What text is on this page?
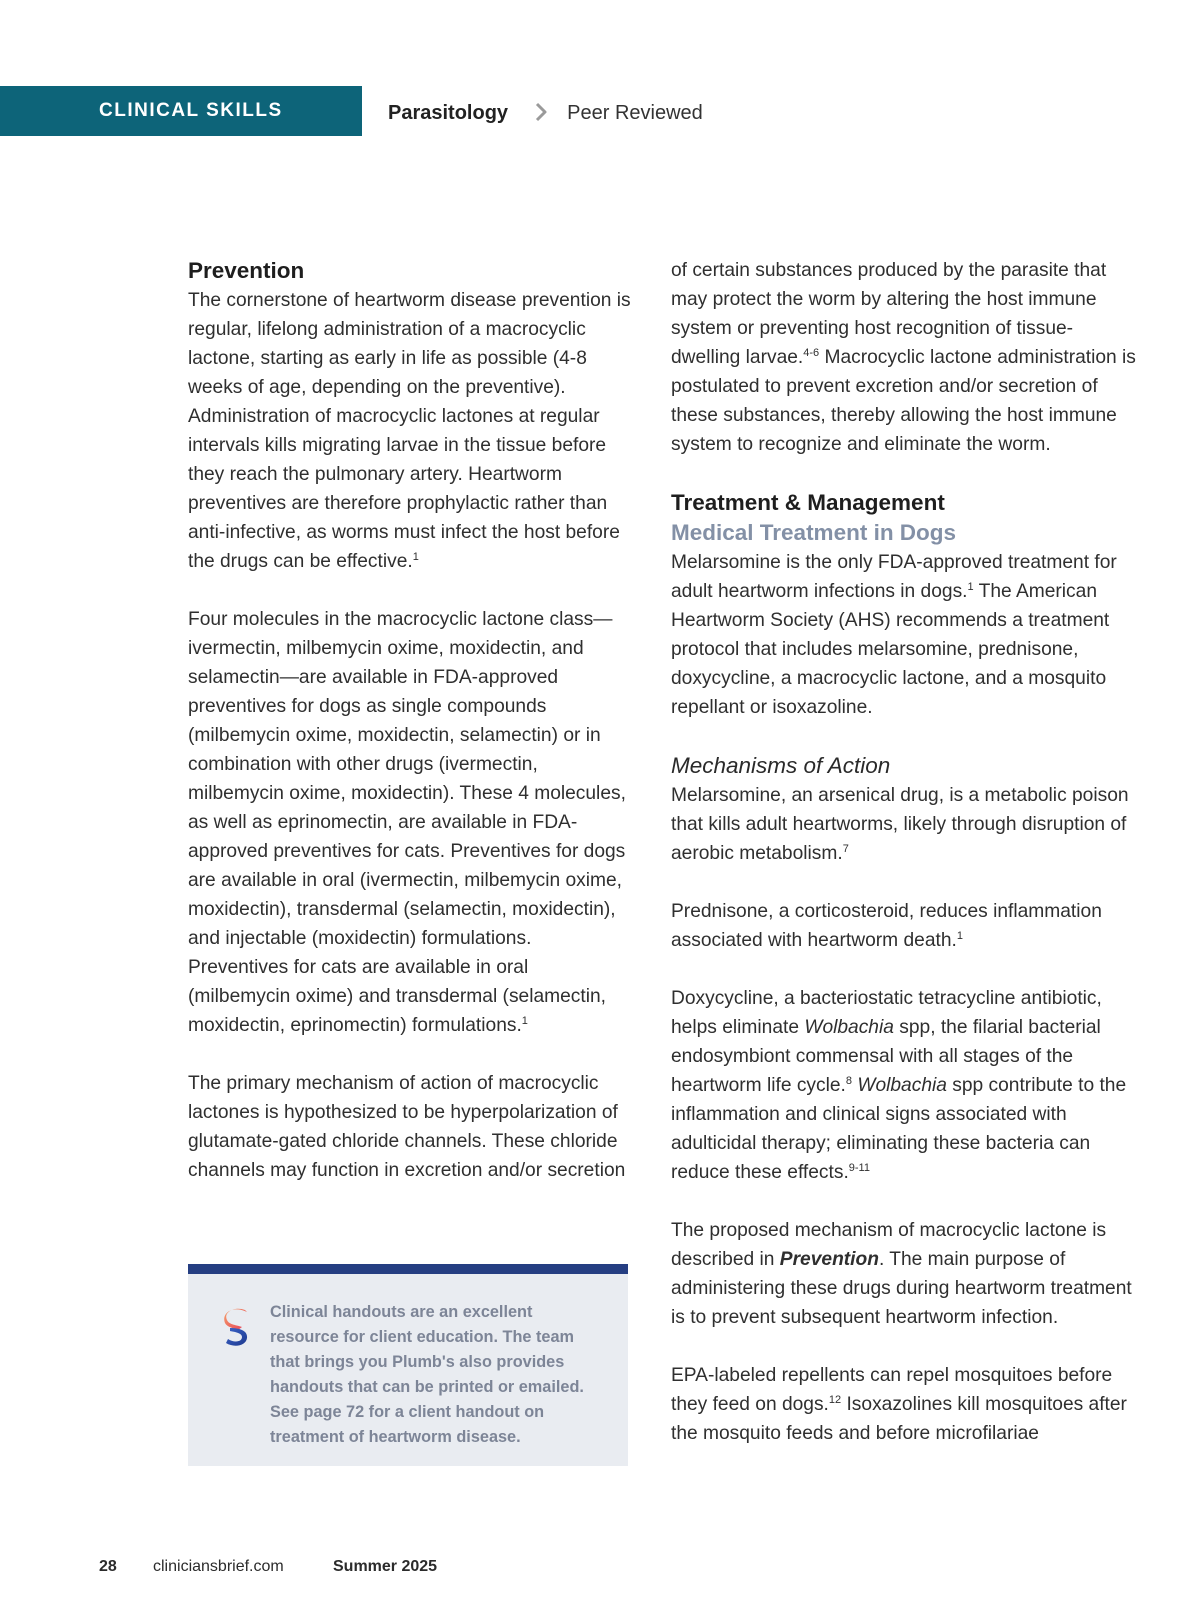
CLINICAL SKILLS	Parasitology	Peer Reviewed
Prevention

The cornerstone of heartworm disease prevention is regular, lifelong administration of a macrocyclic lactone, starting as early in life as possible (4-8 weeks of age, depending on the preventive). Administration of macrocyclic lactones at regular intervals kills migrating larvae in the tissue before they reach the pulmonary artery. Heartworm preventives are therefore prophylactic rather than anti-infective, as worms must infect the host before the drugs can be effective.$^1$

Four molecules in the macrocyclic lactone class—ivermectin, milbemycin oxime, moxidectin, and selamectin—are available in FDA-approved preventives for dogs as single compounds (milbemycin oxime, moxidectin, selamectin) or in combination with other drugs (ivermectin, milbemycin oxime, moxidectin). These 4 molecules, as well as eprinomectin, are available in FDA-approved preventives for cats. Preventives for dogs are available in oral (ivermectin, milbemycin oxime, moxidectin), transdermal (selamectin, moxidectin), and injectable (moxidectin) formulations. Preventives for cats are available in oral (milbemycin oxime) and transdermal (selamectin, moxidectin, eprinomectin) formulations.$^1$

The primary mechanism of action of macrocyclic lactones is hypothesized to be hyperpolarization of glutamate-gated chloride channels. These chloride channels may function in excretion and/or secretion

Clinical handouts are an excellent resource for client education. The team that brings you Plumb's also provides handouts that can be printed or emailed. See page 72 for a client handout on treatment of heartworm disease.

of certain substances produced by the parasite that may protect the worm by altering the host immune system or preventing host recognition of tissue-dwelling larvae.$^{4-6}$ Macrocyclic lactone administration is postulated to prevent excretion and/or secretion of these substances, thereby allowing the host immune system to recognize and eliminate the worm.

Treatment & Management
Medical Treatment in Dogs

Melarsomine is the only FDA-approved treatment for adult heartworm infections in dogs.$^1$ The American Heartworm Society (AHS) recommends a treatment protocol that includes melarsomine, prednisone, doxycycline, a macrocyclic lactone, and a mosquito repellant or isoxazoline.

Mechanisms of Action

Melarsomine, an arsenical drug, is a metabolic poison that kills adult heartworms, likely through disruption of aerobic metabolism.$^7$

Prednisone, a corticosteroid, reduces inflammation associated with heartworm death.$^1$

Doxycycline, a bacteriostatic tetracycline antibiotic, helps eliminate Wolbachia spp, the filarial bacterial endosymbiont commensal with all stages of the heartworm life cycle.$^8$ Wolbachia spp contribute to the inflammation and clinical signs associated with adulticidal therapy; eliminating these bacteria can reduce these effects.$^{9-11}$

The proposed mechanism of macrocyclic lactone is described in Prevention. The main purpose of administering these drugs during heartworm treatment is to prevent subsequent heartworm infection.

EPA-labeled repellents can repel mosquitoes before they feed on dogs.$^{12}$ Isoxazolines kill mosquitoes after the mosquito feeds and before microfilariae

28 cliniciansbrief.com	Summer 2025
